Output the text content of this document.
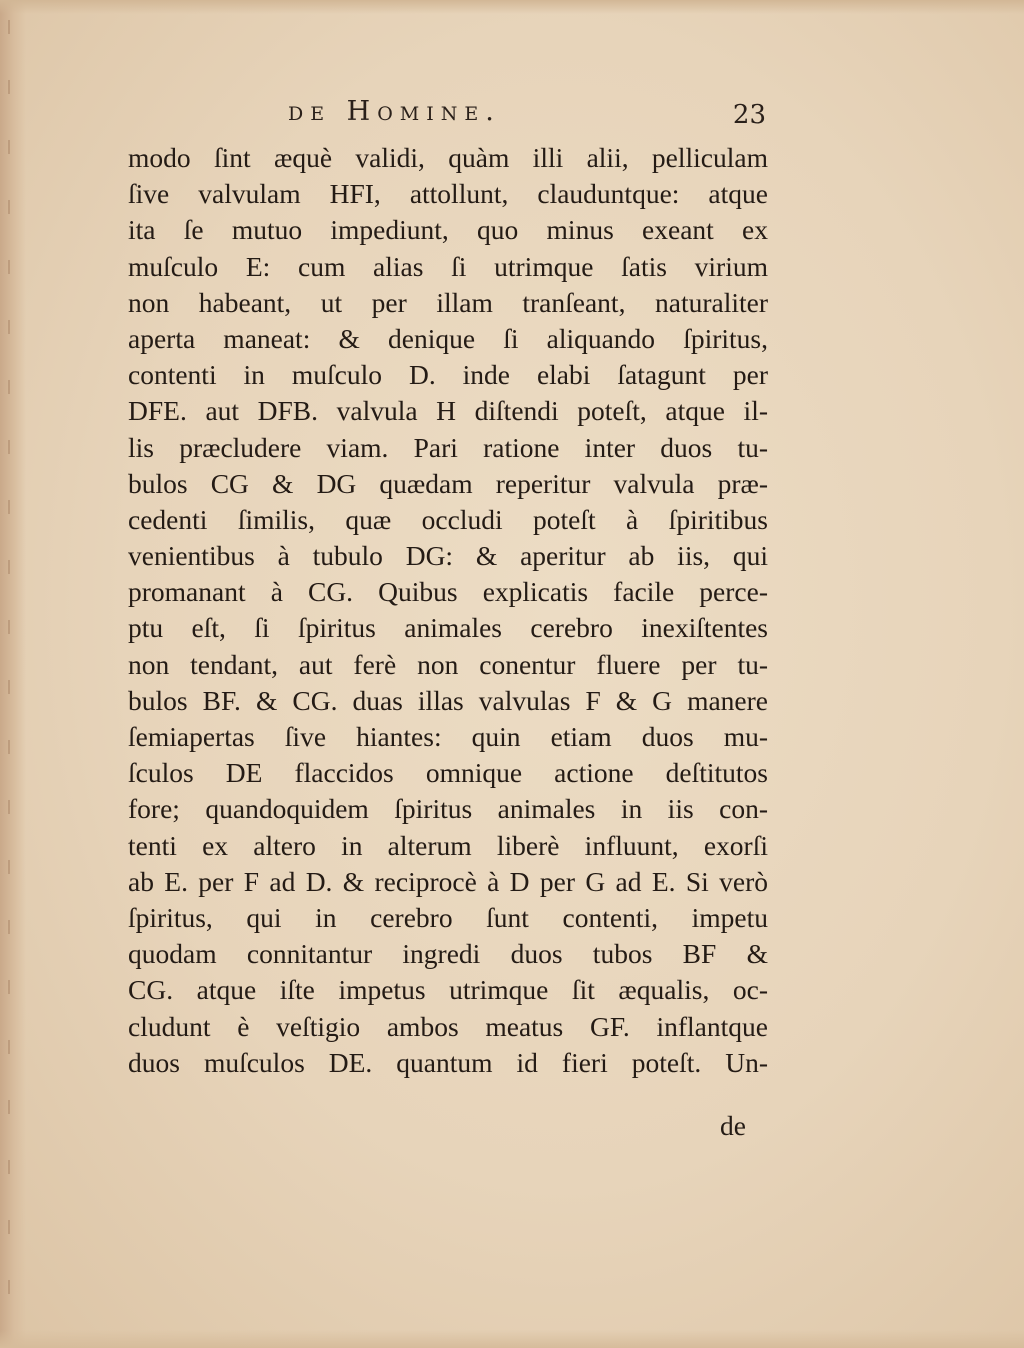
de Homine.	23
modo ſint æquè validi, quàm illi alii, pelliculam
ſive valvulam HFI, attollunt, clauduntque: atque
ita ſe mutuo impediunt, quo minus exeant ex
muſculo E: cum alias ſi utrimque ſatis virium
non habeant, ut per illam tranſeant, naturaliter
aperta maneat: & denique ſi aliquando ſpiritus,
contenti in muſculo D. inde elabi ſatagunt per
DFE. aut DFB. valvula H diſtendi poteſt, atque il-
lis præcludere viam. Pari ratione inter duos tu-
bulos CG & DG quædam reperitur valvula præ-
cedenti ſimilis, quæ occludi poteſt à ſpiritibus
venientibus à tubulo DG: & aperitur ab iis, qui
promanant à CG. Quibus explicatis facile perce-
ptu eſt, ſi ſpiritus animales cerebro inexiſtentes
non tendant, aut ferè non conentur fluere per tu-
bulos BF. & CG. duas illas valvulas F & G manere
ſemiapertas ſive hiantes: quin etiam duos mu-
ſculos DE flaccidos omnique actione deſtitutos
fore; quandoquidem ſpiritus animales in iis con-
tenti ex altero in alterum liberè influunt, exorſi
ab E. per F ad D. & reciprocè à D per G ad E. Si verò
ſpiritus, qui in cerebro ſunt contenti, impetu
quodam connitantur ingredi duos tubos BF &
CG. atque iſte impetus utrimque ſit æqualis, oc-
cludunt è veſtigio ambos meatus GF. inflantque
duos muſculos DE. quantum id fieri poteſt. Un-
de
